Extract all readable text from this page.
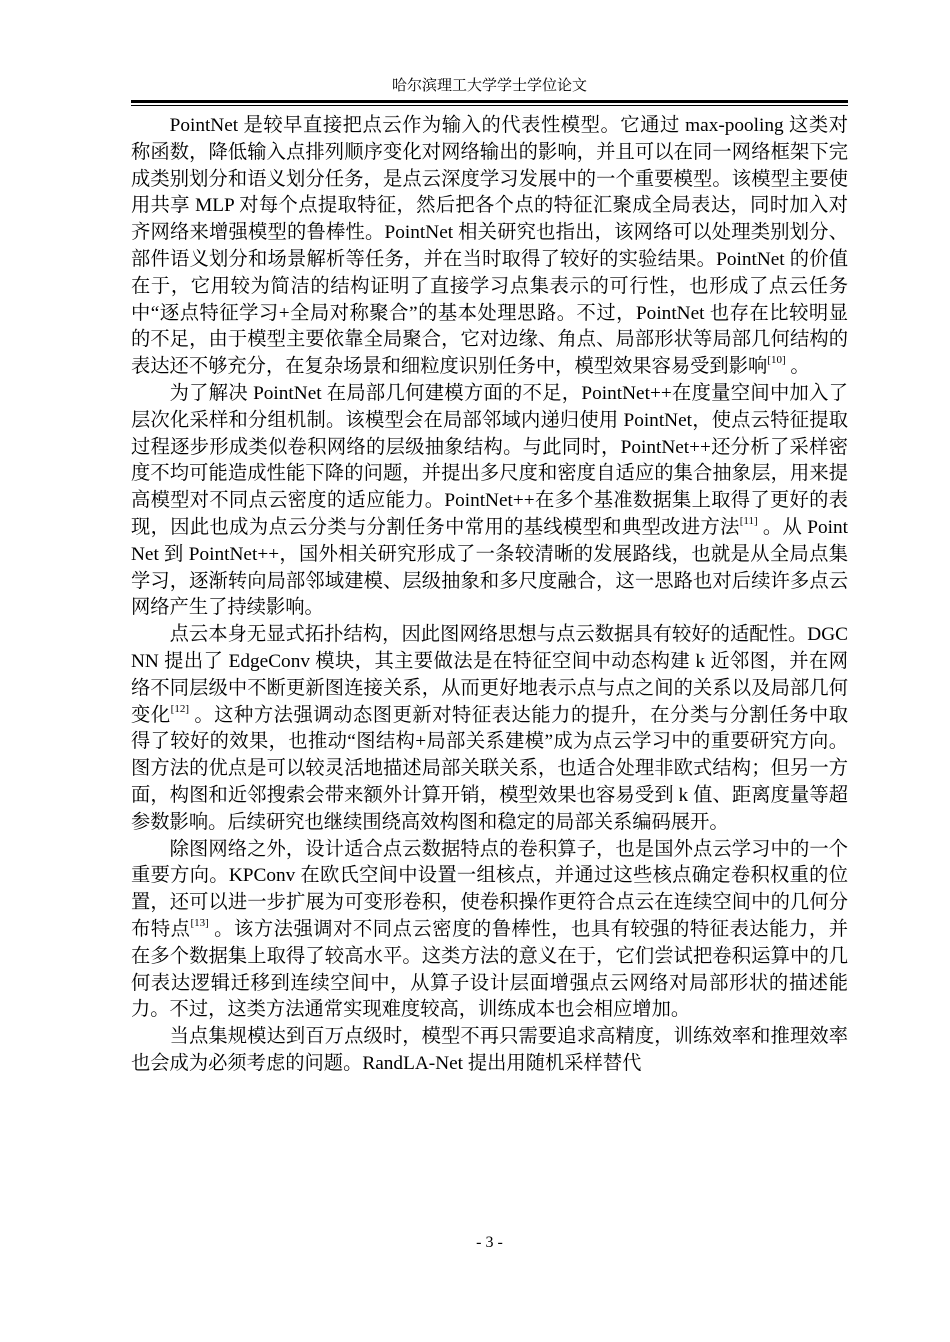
哈尔滨理工大学学士学位论文

PointNet 是较早直接把点云作为输入的代表性模型。它通过 max-pooling 这类对称函数，降低输入点排列顺序变化对网络输出的影响，并且可以在同一网络框架下完成类别划分和语义划分任务，是点云深度学习发展中的一个重要模型。该模型主要使用共享 MLP 对每个点提取特征，然后把各个点的特征汇聚成全局表达，同时加入对齐网络来增强模型的鲁棒性。PointNet 相关研究也指出，该网络可以处理类别划分、部件语义划分和场景解析等任务，并在当时取得了较好的实验结果。PointNet 的价值在于，它用较为简洁的结构证明了直接学习点集表示的可行性，也形成了点云任务中“逐点特征学习+全局对称聚合”的基本处理思路。不过，PointNet 也存在比较明显的不足，由于模型主要依靠全局聚合，它对边缘、角点、局部形状等局部几何结构的表达还不够充分，在复杂场景和细粒度识别任务中，模型效果容易受到影响[10] 。

为了解决 PointNet 在局部几何建模方面的不足，PointNet++在度量空间中加入了层次化采样和分组机制。该模型会在局部邻域内递归使用 PointNet，使点云特征提取过程逐步形成类似卷积网络的层级抽象结构。与此同时，PointNet++还分析了采样密度不均可能造成性能下降的问题，并提出多尺度和密度自适应的集合抽象层，用来提高模型对不同点云密度的适应能力。PointNet++在多个基准数据集上取得了更好的表现，因此也成为点云分类与分割任务中常用的基线模型和典型改进方法[11] 。从 PointNet 到 PointNet++，国外相关研究形成了一条较清晰的发展路线，也就是从全局点集学习，逐渐转向局部邻域建模、层级抽象和多尺度融合，这一思路也对后续许多点云网络产生了持续影响。

点云本身无显式拓扑结构，因此图网络思想与点云数据具有较好的适配性。DGCNN 提出了 EdgeConv 模块，其主要做法是在特征空间中动态构建 k 近邻图，并在网络不同层级中不断更新图连接关系，从而更好地表示点与点之间的关系以及局部几何变化[12] 。这种方法强调动态图更新对特征表达能力的提升，在分类与分割任务中取得了较好的效果，也推动“图结构+局部关系建模”成为点云学习中的重要研究方向。图方法的优点是可以较灵活地描述局部关联关系，也适合处理非欧式结构；但另一方面，构图和近邻搜索会带来额外计算开销，模型效果也容易受到 k 值、距离度量等超参数影响。后续研究也继续围绕高效构图和稳定的局部关系编码展开。

除图网络之外，设计适合点云数据特点的卷积算子，也是国外点云学习中的一个重要方向。KPConv 在欧氏空间中设置一组核点，并通过这些核点确定卷积权重的位置，还可以进一步扩展为可变形卷积，使卷积操作更符合点云在连续空间中的几何分布特点[13] 。该方法强调对不同点云密度的鲁棒性，也具有较强的特征表达能力，并在多个数据集上取得了较高水平。这类方法的意义在于，它们尝试把卷积运算中的几何表达逻辑迁移到连续空间中，从算子设计层面增强点云网络对局部形状的描述能力。不过，这类方法通常实现难度较高，训练成本也会相应增加。

当点集规模达到百万点级时，模型不再只需要追求高精度，训练效率和推理效率也会成为必须考虑的问题。RandLA-Net 提出用随机采样替代

- 3 -
